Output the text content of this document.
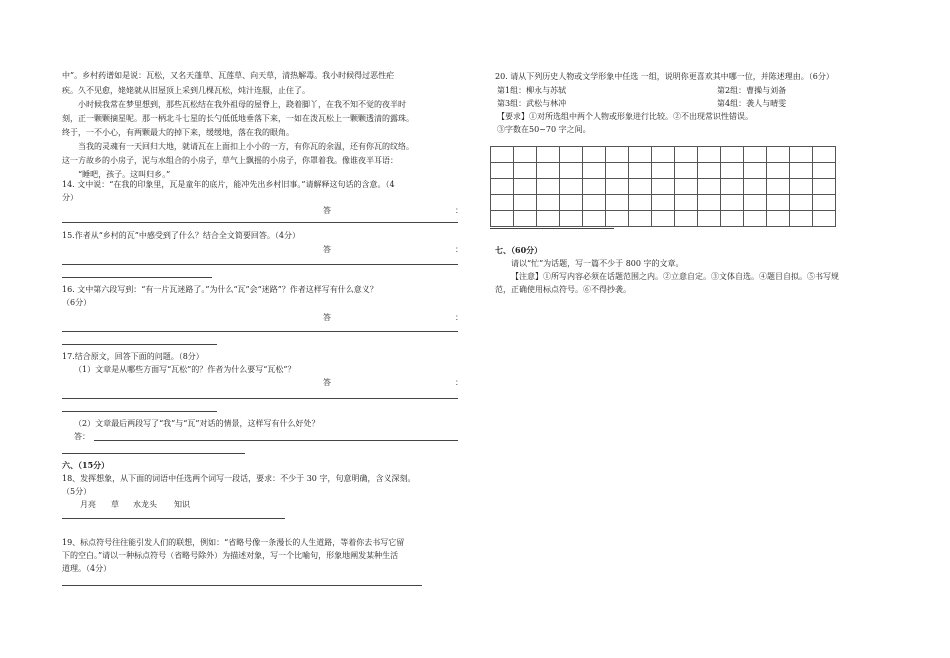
中”。乡村药谱如是说：瓦松，又名天蓬草、瓦莲草、向天草，清热解毒。我小时候得过恶性疟
疾。久不见愈，姥姥就从旧屋顶上采到几棵瓦松，炖汁连服，止住了。
　　小时候我常在梦里想到，那些瓦松结在我外祖母的屋脊上，跷着脚丫，在我不知不觉的夜半时
刻，正一颗颗摘星呢。那一柄北斗七星的长勺低低地垂落下来，一如在泼瓦松上一颗颗透清的露珠。
终于，一不小心，有两颗最大的掉下来，缓缓地，落在我的眼角。
　　当我的灵魂有一天回归大地，就请瓦在上面扣上小小的一方，有你瓦的余温，还有你瓦的纹络。
这一方故乡的小房子，泥与水组合的小房子，草气上飘摇的小房子，你罩着我。像谁夜半耳语：
　　“睡吧，孩子。这叫归乡。”
14. 文中说：“在我的印象里，瓦是童年的底片，能冲先出乡村旧事。”请解释这句话的含意。（4
分）
答	：
15.作者从“乡村的瓦”中感受到了什么？结合全文简要回答。（4分）
答	：
16. 文中第六段写到：“有一片瓦迷路了。”为什么“瓦”会“迷路”？作者这样写有什么意义？
（6分）
答	：
17.结合原文，回答下面的问题。（8分）
（1）文章是从哪些方面写“瓦松”的？作者为什么要写“瓦松”？
答	：
（2）文章最后两段写了“我”与“瓦”对话的情景，这样写有什么好处？
答：
六、（15分）
18、发挥想象，从下面的词语中任选两个词写一段话，要求：不少于 30 字，句意明确，含义深刻。
（5分）
月亮 草 水龙头 知识
19、标点符号往往能引发人们的联想，例如：“省略号像一条漫长的人生道路，等着你去书写它留
下的空白。”请以一种标点符号（省略号除外）为描述对象，写一个比喻句，形象地阐发某种生活
道理。（4分）
20. 请从下列历史人物或文学形象中任选 一组，说明你更喜欢其中哪一位，并陈述理由。（6分）
第1组：柳永与苏轼	第2组：曹操与刘备
第3组：武松与林冲	第4组：袭人与晴雯
【要求】①对所选组中两个人物或形象进行比较。②不出现常识性错误。
③字数在50~70 字之间。

七、（60分）
请以“忙”为话题，写一篇不少于 800 字的文章。
【注意】①所写内容必须在话题范围之内。②立意自定。③文体自选。④题目自拟。⑤书写规
范，正确使用标点符号。⑥不得抄袭。
